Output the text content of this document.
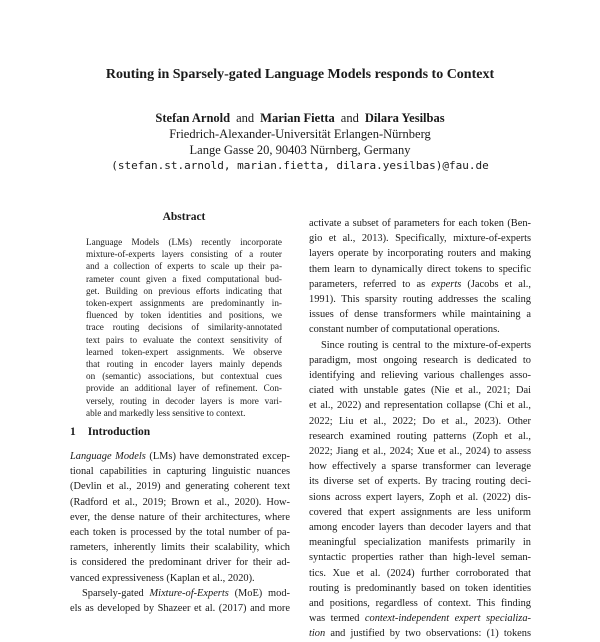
Routing in Sparsely-gated Language Models responds to Context
Stefan Arnold and Marian Fietta and Dilara Yesilbas
Friedrich-Alexander-Universität Erlangen-Nürnberg
Lange Gasse 20, 90403 Nürnberg, Germany
(stefan.st.arnold, marian.fietta, dilara.yesilbas)@fau.de
Abstract
Language Models (LMs) recently incorporate
mixture-of-experts layers consisting of a router
and a collection of experts to scale up their pa-
rameter count given a fixed computational bud-
get. Building on previous efforts indicating that
token-expert assignments are predominantly in-
fluenced by token identities and positions, we
trace routing decisions of similarity-annotated
text pairs to evaluate the context sensitivity of
learned token-expert assignments. We observe
that routing in encoder layers mainly depends
on (semantic) associations, but contextual cues
provide an additional layer of refinement. Con-
versely, routing in decoder layers is more vari-
able and markedly less sensitive to context.
1 Introduction
Language Models (LMs) have demonstrated excep-
tional capabilities in capturing linguistic nuances
(Devlin et al., 2019) and generating coherent text
(Radford et al., 2019; Brown et al., 2020). How-
ever, the dense nature of their architectures, where
each token is processed by the total number of pa-
rameters, inherently limits their scalability, which
is considered the predominant driver for their ad-
vanced expressiveness (Kaplan et al., 2020).
Sparsely-gated Mixture-of-Experts (MoE) mod-
els as developed by Shazeer et al. (2017) and more
activate a subset of parameters for each token (Ben-
gio et al., 2013). Specifically, mixture-of-experts
layers operate by incorporating routers and making
them learn to dynamically direct tokens to specific
parameters, referred to as experts (Jacobs et al.,
1991). This sparsity routing addresses the scaling
issues of dense transformers while maintaining a
constant number of computational operations.
Since routing is central to the mixture-of-experts
paradigm, most ongoing research is dedicated to
identifying and relieving various challenges asso-
ciated with unstable gates (Nie et al., 2021; Dai
et al., 2022) and representation collapse (Chi et al.,
2022; Liu et al., 2022; Do et al., 2023). Other
research examined routing patterns (Zoph et al.,
2022; Jiang et al., 2024; Xue et al., 2024) to assess
how effectively a sparse transformer can leverage
its diverse set of experts. By tracing routing deci-
sions across expert layers, Zoph et al. (2022) dis-
covered that expert assignments are less uniform
among encoder layers than decoder layers and that
meaningful specialization manifests primarily in
syntactic properties rather than high-level seman-
tics. Xue et al. (2024) further corroborated that
routing is predominantly based on token identities
and positions, regardless of context. This finding
was termed context-independent expert specializa-
tion and justified by two observations: (1) tokens
